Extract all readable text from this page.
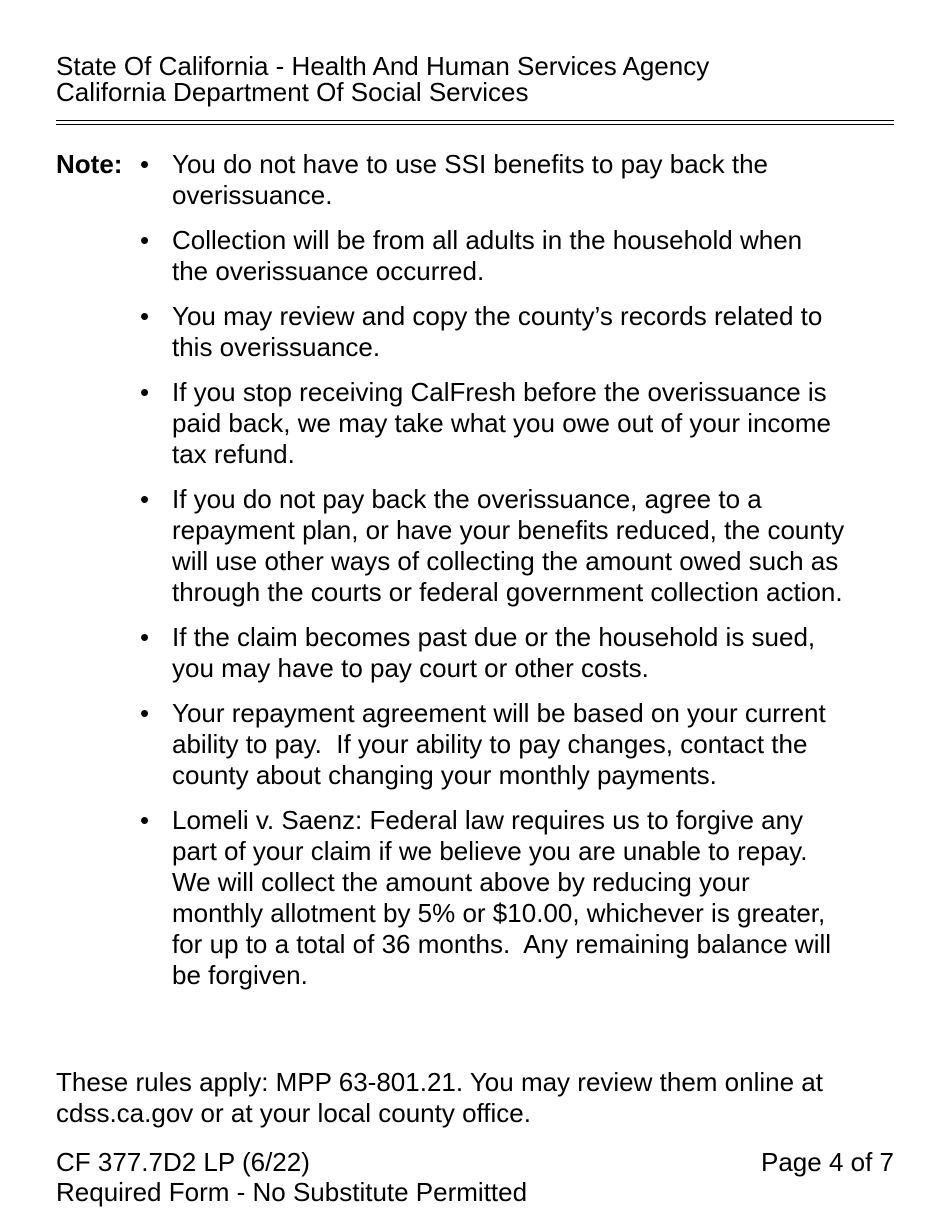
State Of California - Health And Human Services Agency
California Department Of Social Services
Note: • You do not have to use SSI benefits to pay back the
overissuance.
• Collection will be from all adults in the household when
the overissuance occurred.
• You may review and copy the county’s records related to
this overissuance.
• If you stop receiving CalFresh before the overissuance is
paid back, we may take what you owe out of your income
tax refund.
• If you do not pay back the overissuance, agree to a
repayment plan, or have your benefits reduced, the county
will use other ways of collecting the amount owed such as
through the courts or federal government collection action.
• If the claim becomes past due or the household is sued,
you may have to pay court or other costs.
• Your repayment agreement will be based on your current
ability to pay.  If your ability to pay changes, contact the
county about changing your monthly payments.
• Lomeli v. Saenz: Federal law requires us to forgive any
part of your claim if we believe you are unable to repay.
We will collect the amount above by reducing your
monthly allotment by 5% or $10.00, whichever is greater,
for up to a total of 36 months.  Any remaining balance will
be forgiven.
These rules apply: MPP 63-801.21. You may review them online at
cdss.ca.gov or at your local county office.
CF 377.7D2 LP (6/22)
Required Form - No Substitute Permitted
Page 4 of 7
